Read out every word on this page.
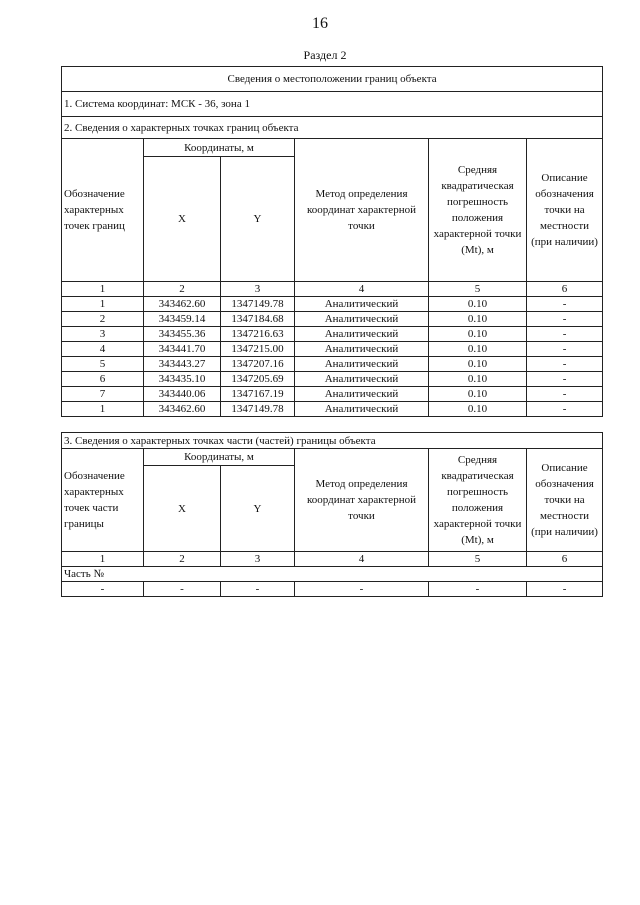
16
Раздел 2
Сведения о местоположении границ объекта					
1. Система координат: МСК - 36, зона 1					
2. Сведения о характерных точках границ объекта					
Обозначение характерных точек границ	Координаты, м		Метод определения координат характерной точки	Средняя квадратическая погрешность положения характерной точки (Mt), м	Описание обозначения точки на местности (при наличии)
	X	Y			
1	2	3	4	5	6
1	343462.60	1347149.78	Аналитический	0.10	-
2	343459.14	1347184.68	Аналитический	0.10	-
3	343455.36	1347216.63	Аналитический	0.10	-
4	343441.70	1347215.00	Аналитический	0.10	-
5	343443.27	1347207.16	Аналитический	0.10	-
6	343435.10	1347205.69	Аналитический	0.10	-
7	343440.06	1347167.19	Аналитический	0.10	-
1	343462.60	1347149.78	Аналитический	0.10	-
3. Сведения о характерных точках части (частей) границы объекта					
Обозначение характерных точек части границы	Координаты, м		Метод определения координат характерной точки	Средняя квадратическая погрешность положения характерной точки (Mt), м	Описание обозначения точки на местности (при наличии)
	X	Y			
1	2	3	4	5	6
Часть №					
-	-	-	-	-	-
